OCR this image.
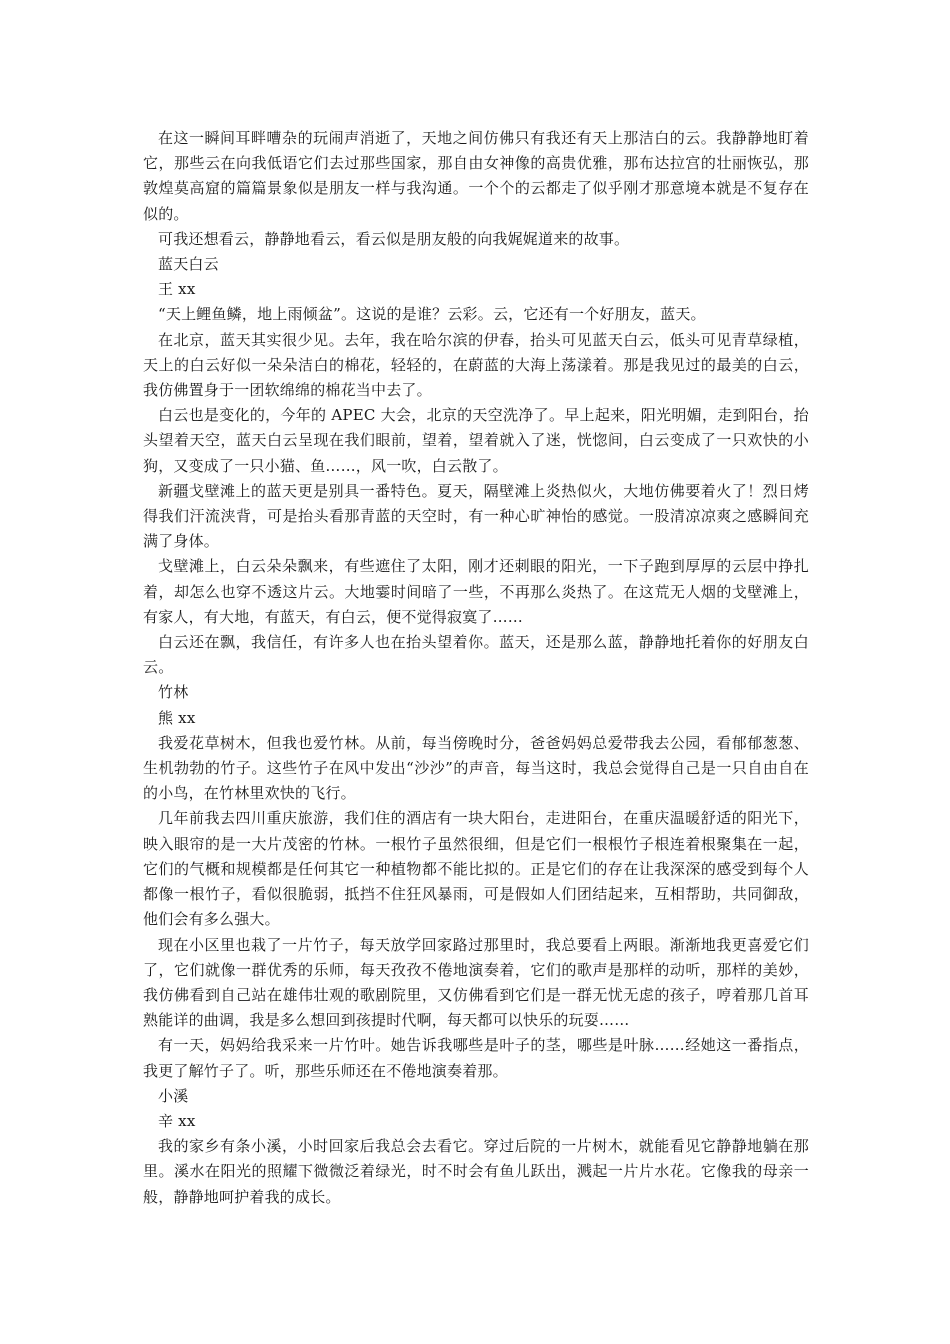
在这一瞬间耳畔嘈杂的玩闹声消逝了，天地之间仿佛只有我还有天上那洁白的云。我静静地盯着它，那些云在向我低语它们去过那些国家，那自由女神像的高贵优雅，那布达拉宫的壮丽恢弘，那敦煌莫高窟的篇篇景象似是朋友一样与我沟通。一个个的云都走了似乎刚才那意境本就是不复存在似的。

可我还想看云，静静地看云，看云似是朋友般的向我娓娓道来的故事。

蓝天白云

王 xx

“天上鲤鱼鳞，地上雨倾盆”。这说的是谁？云彩。云，它还有一个好朋友，蓝天。

在北京，蓝天其实很少见。去年，我在哈尔滨的伊春，抬头可见蓝天白云，低头可见青草绿植，天上的白云好似一朵朵洁白的棉花，轻轻的，在蔚蓝的大海上荡漾着。那是我见过的最美的白云，我仿佛置身于一团软绵绵的棉花当中去了。

白云也是变化的，今年的 APEC 大会，北京的天空洗净了。早上起来，阳光明媚，走到阳台，抬头望着天空，蓝天白云呈现在我们眼前，望着，望着就入了迷，恍惚间，白云变成了一只欢快的小狗，又变成了一只小猫、鱼……，风一吹，白云散了。

新疆戈壁滩上的蓝天更是别具一番特色。夏天，隔壁滩上炎热似火，大地仿佛要着火了！烈日烤得我们汗流浃背，可是抬头看那青蓝的天空时，有一种心旷神怡的感觉。一股清凉凉爽之感瞬间充满了身体。

戈壁滩上，白云朵朵飘来，有些遮住了太阳，刚才还刺眼的阳光，一下子跑到厚厚的云层中挣扎着，却怎么也穿不透这片云。大地霎时间暗了一些，不再那么炎热了。在这荒无人烟的戈壁滩上，有家人，有大地，有蓝天，有白云，便不觉得寂寞了……

白云还在飘，我信任，有许多人也在抬头望着你。蓝天，还是那么蓝，静静地托着你的好朋友白云。

竹林

熊 xx

我爱花草树木，但我也爱竹林。从前，每当傍晚时分，爸爸妈妈总爱带我去公园，看郁郁葱葱、生机勃勃的竹子。这些竹子在风中发出“沙沙”的声音，每当这时，我总会觉得自己是一只自由自在的小鸟，在竹林里欢快的飞行。

几年前我去四川重庆旅游，我们住的酒店有一块大阳台，走进阳台，在重庆温暖舒适的阳光下，映入眼帘的是一大片茂密的竹林。一根竹子虽然很细，但是它们一根根竹子根连着根聚集在一起，它们的气概和规模都是任何其它一种植物都不能比拟的。正是它们的存在让我深深的感受到每个人都像一根竹子，看似很脆弱，抵挡不住狂风暴雨，可是假如人们团结起来，互相帮助，共同御敌，他们会有多么强大。

现在小区里也栽了一片竹子，每天放学回家路过那里时，我总要看上两眼。渐渐地我更喜爱它们了，它们就像一群优秀的乐师，每天孜孜不倦地演奏着，它们的歌声是那样的动听，那样的美妙，我仿佛看到自己站在雄伟壮观的歌剧院里，又仿佛看到它们是一群无忧无虑的孩子，哼着那几首耳熟能详的曲调，我是多么想回到孩提时代啊，每天都可以快乐的玩耍……

有一天，妈妈给我采来一片竹叶。她告诉我哪些是叶子的茎，哪些是叶脉……经她这一番指点，我更了解竹子了。听，那些乐师还在不倦地演奏着那。

小溪

辛 xx

我的家乡有条小溪，小时回家后我总会去看它。穿过后院的一片树木，就能看见它静静地躺在那里。溪水在阳光的照耀下微微泛着绿光，时不时会有鱼儿跃出，溅起一片片水花。它像我的母亲一般，静静地呵护着我的成长。
